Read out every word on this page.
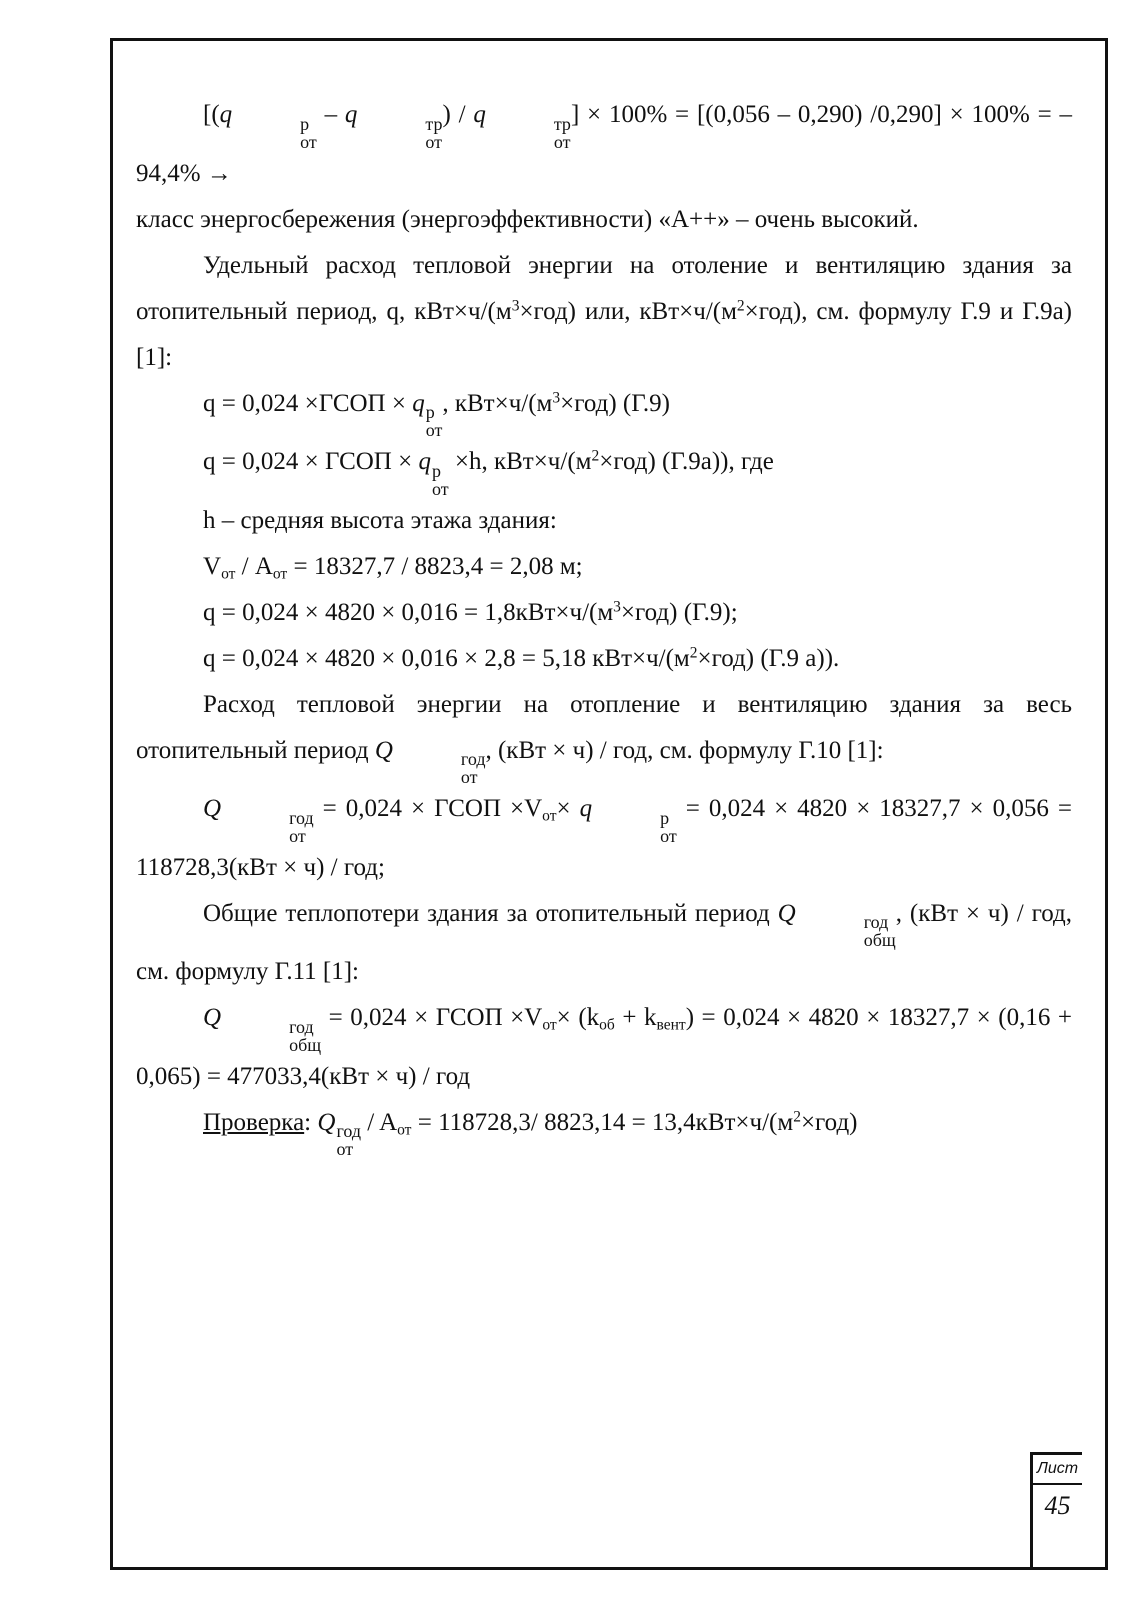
[(q	р
от
– q	тр
от
) / q	тр
от
] × 100% = [(0,056 – 0,290) /0,290] × 100% = – 94,4% →

класс энергосбережения (энергоэффективности) «А++» – очень высокий.

Удельный расход тепловой энергии на отоление и вентиляцию здания за отопительный период, q, $кВт\times ч/(м^3\times год)$ или, $кВт\times ч/(м^2\times год)$, см. формулу Г.9 и Г.9а) [1]:

q = 0,024 ×ГСОП × q р
от
, $кВт\times ч/(м^3\times год)$ (Г.9)

q = 0,024 × ГСОП × q р
от
×h, $кВт\times ч/(м^2\times год)$ (Г.9а)), где

h – средняя высота этажа здания:

$V_{от} / A_{от} = 18327,7 / 8823,4 = 2,08$ м;

$q = 0,024 \times 4820 \times 0,016 = 1,8кВт\times ч/(м^3\times год)$ (Г.9);

q = 0,024 × 4820 × 0,016 × 2,8 = 5,18 $кВт\times ч/(м^2\times год)$ (Г.9 а)).

Расход тепловой энергии на отопление и вентиляцию здания за весь отопительный период Q	год
от
, (кВт × ч) / год, см. формулу Г.10 [1]:

Q	год
от
= 0,024 × ГСОП $\times V_{от}\times q$	р
от
= 0,024 × 4820 × 18327,7 × 0,056 = 118728,3(кВт × ч) / год;

Общие теплопотери здания за отопительный период Q	год
общ
, (кВт × ч) / год, см. формулу Г.11 [1]:

Q	год
общ
= 0,024 × ГСОП $\times V_{от}\times (k_{об} + k_{вент}) = 0,024 \times 4820 \times 18327,7 \times (0,16 + 0,065) = 477033,4(кВт \times ч)$ / год

Проверка: Q год
от
/ $A_{от} = 118728,3/$ $8823,14 = 13,4кВт\times ч/(м^2\times год)$

Лист
45
